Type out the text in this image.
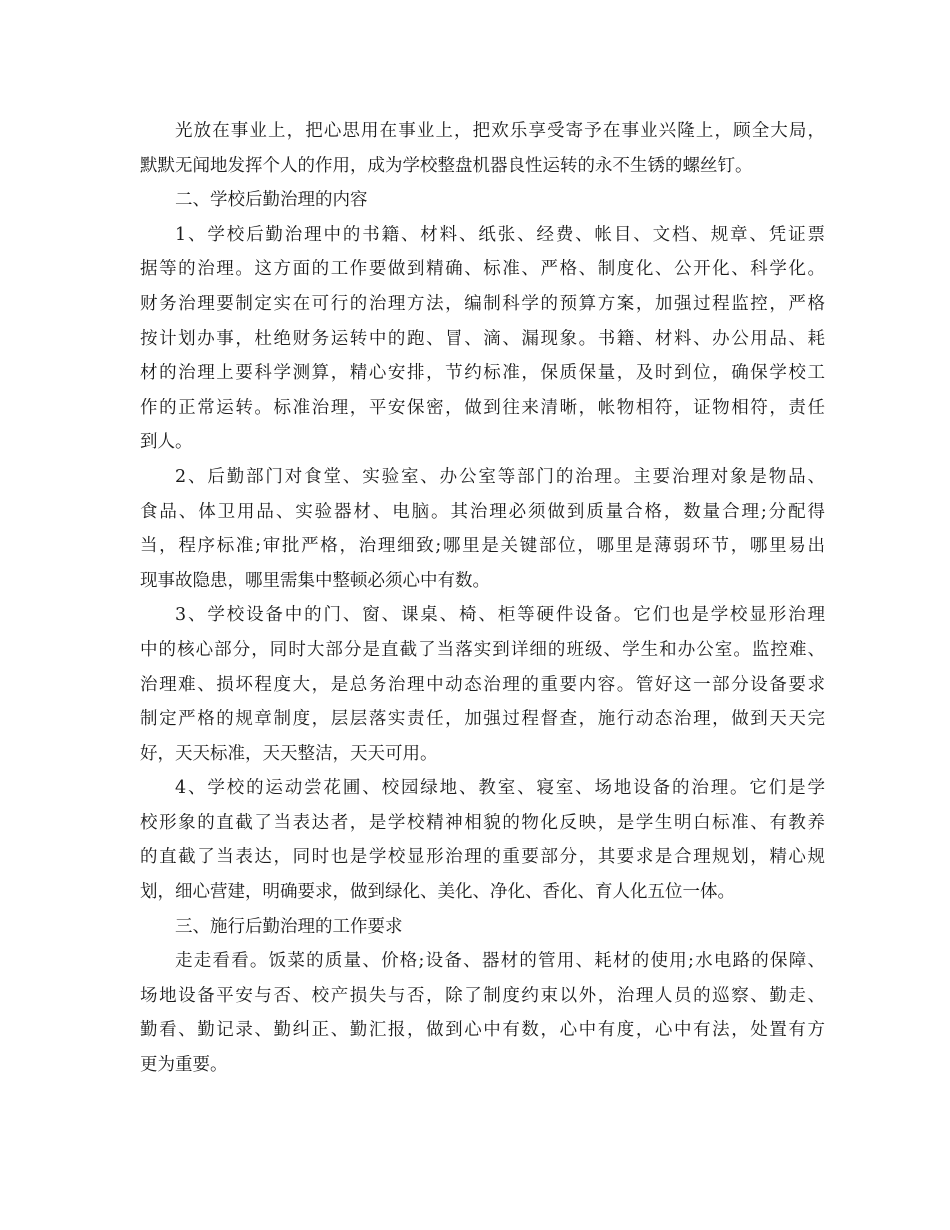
光放在事业上，把心思用在事业上，把欢乐享受寄予在事业兴隆上，顾全大局，
默默无闻地发挥个人的作用，成为学校整盘机器良性运转的永不生锈的螺丝钉。
二、学校后勤治理的内容
1、学校后勤治理中的书籍、材料、纸张、经费、帐目、文档、规章、凭证票
据等的治理。这方面的工作要做到精确、标准、严格、制度化、公开化、科学化。
财务治理要制定实在可行的治理方法，编制科学的预算方案，加强过程监控，严格
按计划办事，杜绝财务运转中的跑、冒、滴、漏现象。书籍、材料、办公用品、耗
材的治理上要科学测算，精心安排，节约标准，保质保量，及时到位，确保学校工
作的正常运转。标准治理，平安保密，做到往来清晰，帐物相符，证物相符，责任
到人。
2、后勤部门对食堂、实验室、办公室等部门的治理。主要治理对象是物品、
食品、体卫用品、实验器材、电脑。其治理必须做到质量合格，数量合理;分配得
当，程序标准;审批严格，治理细致;哪里是关键部位，哪里是薄弱环节，哪里易出
现事故隐患，哪里需集中整顿必须心中有数。
3、学校设备中的门、窗、课桌、椅、柜等硬件设备。它们也是学校显形治理
中的核心部分，同时大部分是直截了当落实到详细的班级、学生和办公室。监控难、
治理难、损坏程度大，是总务治理中动态治理的重要内容。管好这一部分设备要求
制定严格的规章制度，层层落实责任，加强过程督查，施行动态治理，做到天天完
好，天天标准，天天整洁，天天可用。
4、学校的运动尝花圃、校园绿地、教室、寝室、场地设备的治理。它们是学
校形象的直截了当表达者，是学校精神相貌的物化反映，是学生明白标准、有教养
的直截了当表达，同时也是学校显形治理的重要部分，其要求是合理规划，精心规
划，细心营建，明确要求，做到绿化、美化、净化、香化、育人化五位一体。
三、施行后勤治理的工作要求
走走看看。饭菜的质量、价格;设备、器材的管用、耗材的使用;水电路的保障、
场地设备平安与否、校产损失与否，除了制度约束以外，治理人员的巡察、勤走、
勤看、勤记录、勤纠正、勤汇报，做到心中有数，心中有度，心中有法，处置有方
更为重要。
